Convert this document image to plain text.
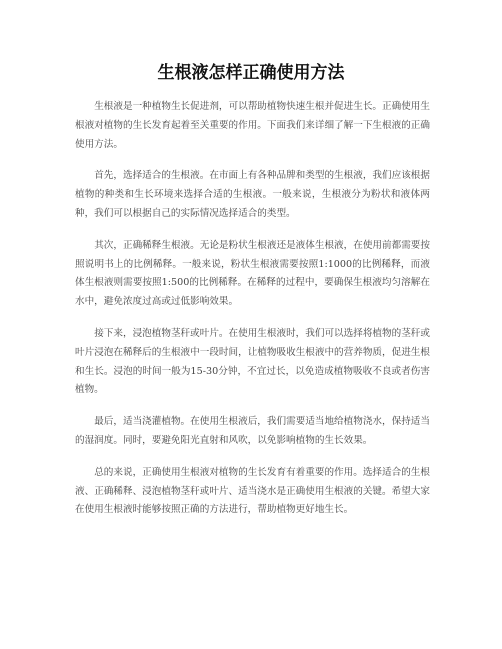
生根液怎样正确使用方法

生根液是一种植物生长促进剂，可以帮助植物快速生根并促进生长。正确使用生根液对植物的生长发育起着至关重要的作用。下面我们来详细了解一下生根液的正确使用方法。

首先，选择适合的生根液。在市面上有各种品牌和类型的生根液，我们应该根据植物的种类和生长环境来选择合适的生根液。一般来说，生根液分为粉状和液体两种，我们可以根据自己的实际情况选择适合的类型。

其次，正确稀释生根液。无论是粉状生根液还是液体生根液，在使用前都需要按照说明书上的比例稀释。一般来说，粉状生根液需要按照1:1000的比例稀释，而液体生根液则需要按照1:500的比例稀释。在稀释的过程中，要确保生根液均匀溶解在水中，避免浓度过高或过低影响效果。

接下来，浸泡植物茎秆或叶片。在使用生根液时，我们可以选择将植物的茎秆或叶片浸泡在稀释后的生根液中一段时间，让植物吸收生根液中的营养物质，促进生根和生长。浸泡的时间一般为15-30分钟，不宜过长，以免造成植物吸收不良或者伤害植物。

最后，适当浇灌植物。在使用生根液后，我们需要适当地给植物浇水，保持适当的湿润度。同时，要避免阳光直射和风吹，以免影响植物的生长效果。

总的来说，正确使用生根液对植物的生长发育有着重要的作用。选择适合的生根液、正确稀释、浸泡植物茎秆或叶片、适当浇水是正确使用生根液的关键。希望大家在使用生根液时能够按照正确的方法进行，帮助植物更好地生长。
